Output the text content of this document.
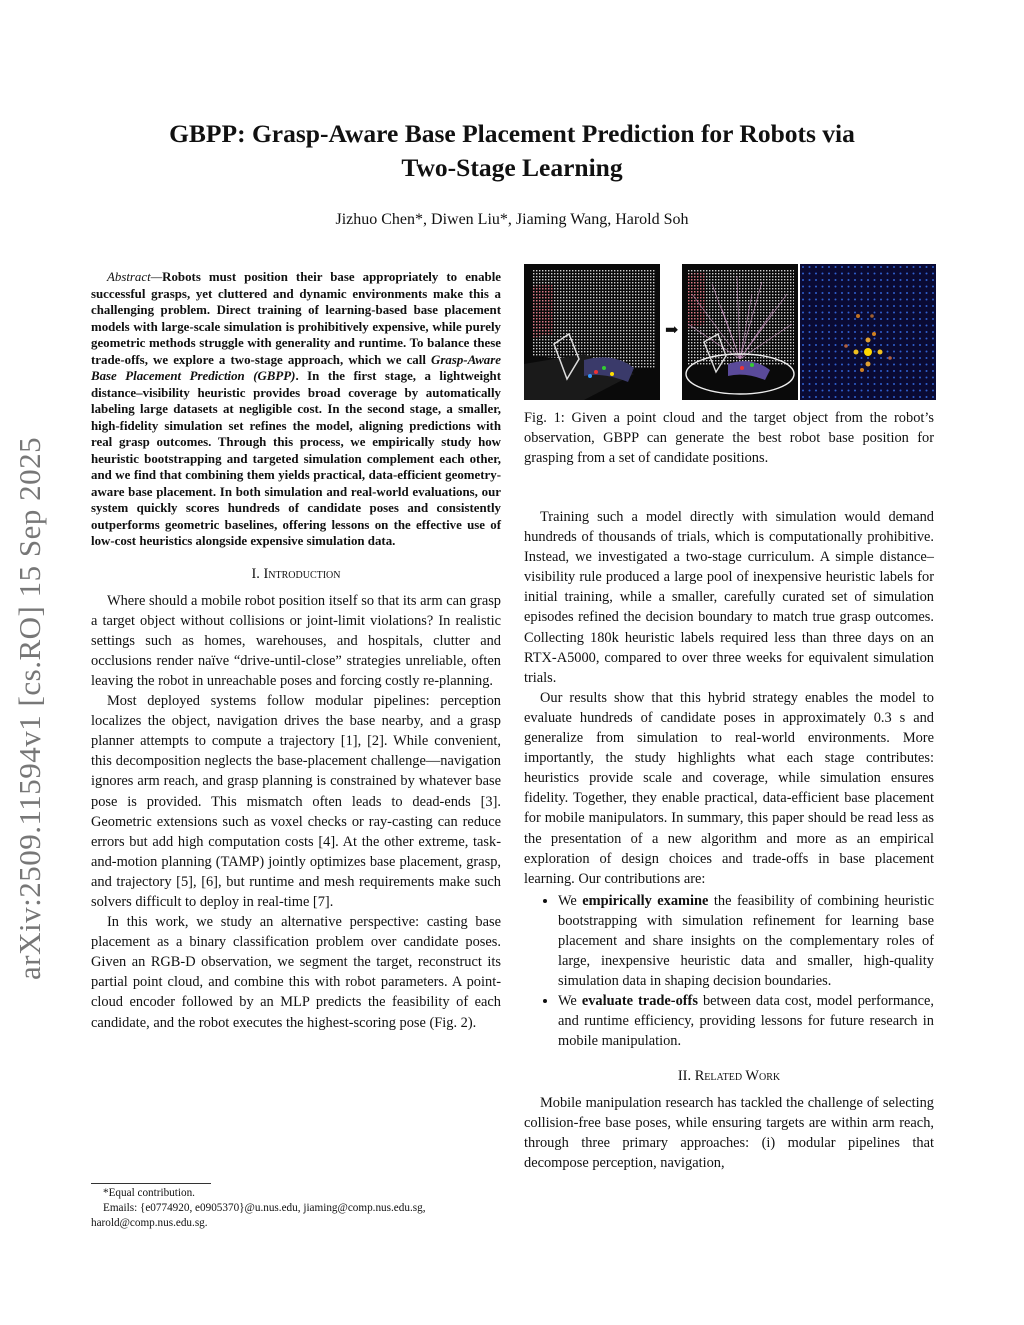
arXiv:2509.11594v1 [cs.RO] 15 Sep 2025
GBPP: Grasp-Aware Base Placement Prediction for Robots via
Two-Stage Learning
Jizhuo Chen*, Diwen Liu*, Jiaming Wang, Harold Soh

Abstract—Robots must position their base appropriately to enable successful grasps, yet cluttered and dynamic environments make this a challenging problem. Direct training of learning-based base placement models with large-scale simulation is prohibitively expensive, while purely geometric methods struggle with generality and runtime. To balance these trade-offs, we explore a two-stage approach, which we call Grasp-Aware Base Placement Prediction (GBPP). In the first stage, a lightweight distance–visibility heuristic provides broad coverage by automatically labeling large datasets at negligible cost. In the second stage, a smaller, high-fidelity simulation set refines the model, aligning predictions with real grasp outcomes. Through this process, we empirically study how heuristic bootstrapping and targeted simulation complement each other, and we find that combining them yields practical, data-efficient geometry-aware base placement. In both simulation and real-world evaluations, our system quickly scores hundreds of candidate poses and consistently outperforms geometric baselines, offering lessons on the effective use of low-cost heuristics alongside expensive simulation data.

I. Introduction

Where should a mobile robot position itself so that its arm can grasp a target object without collisions or joint-limit violations? In realistic settings such as homes, warehouses, and hospitals, clutter and occlusions render naïve “drive-until-close” strategies unreliable, often leaving the robot in unreachable poses and forcing costly re-planning.

Most deployed systems follow modular pipelines: perception localizes the object, navigation drives the base nearby, and a grasp planner attempts to compute a trajectory [1], [2]. While convenient, this decomposition neglects the base-placement challenge—navigation ignores arm reach, and grasp planning is constrained by whatever base pose is provided. This mismatch often leads to dead-ends [3]. Geometric extensions such as voxel checks or ray-casting can reduce errors but add high computation costs [4]. At the other extreme, task-and-motion planning (TAMP) jointly optimizes base placement, grasp, and trajectory [5], [6], but runtime and mesh requirements make such solvers difficult to deploy in real-time [7].

In this work, we study an alternative perspective: casting base placement as a binary classification problem over candidate poses. Given an RGB-D observation, we segment the target, reconstruct its partial point cloud, and combine this with robot parameters. A point-cloud encoder followed by an MLP predicts the feasibility of each candidate, and the robot executes the highest-scoring pose (Fig. 2).

*Equal contribution.
Emails: {e0774920, e0905370}@u.nus.edu, jiaming@comp.nus.edu.sg,
harold@comp.nus.edu.sg.
➡
Fig. 1: Given a point cloud and the target object from the robot’s observation, GBPP can generate the best robot base position for grasping from a set of candidate positions.

Training such a model directly with simulation would demand hundreds of thousands of trials, which is computationally prohibitive. Instead, we investigated a two-stage curriculum. A simple distance–visibility rule produced a large pool of inexpensive heuristic labels for initial training, while a smaller, carefully curated set of simulation episodes refined the decision boundary to match true grasp outcomes. Collecting 180k heuristic labels required less than three days on an RTX-A5000, compared to over three weeks for equivalent simulation trials.

Our results show that this hybrid strategy enables the model to evaluate hundreds of candidate poses in approximately 0.3 s and generalize from simulation to real-world environments. More importantly, the study highlights what each stage contributes: heuristics provide scale and coverage, while simulation ensures fidelity. Together, they enable practical, data-efficient base placement for mobile manipulators. In summary, this paper should be read less as the presentation of a new algorithm and more as an empirical exploration of design choices and trade-offs in base placement learning. Our contributions are:

• We empirically examine the feasibility of combining heuristic bootstrapping with simulation refinement for learning base placement and share insights on the complementary roles of large, inexpensive heuristic data and smaller, high-quality simulation data in shaping decision boundaries.
• We evaluate trade-offs between data cost, model performance, and runtime efficiency, providing lessons for future research in mobile manipulation.
II. Related Work

Mobile manipulation research has tackled the challenge of selecting collision-free base poses, while ensuring targets are within arm reach, through three primary approaches: (i) modular pipelines that decompose perception, navigation,
